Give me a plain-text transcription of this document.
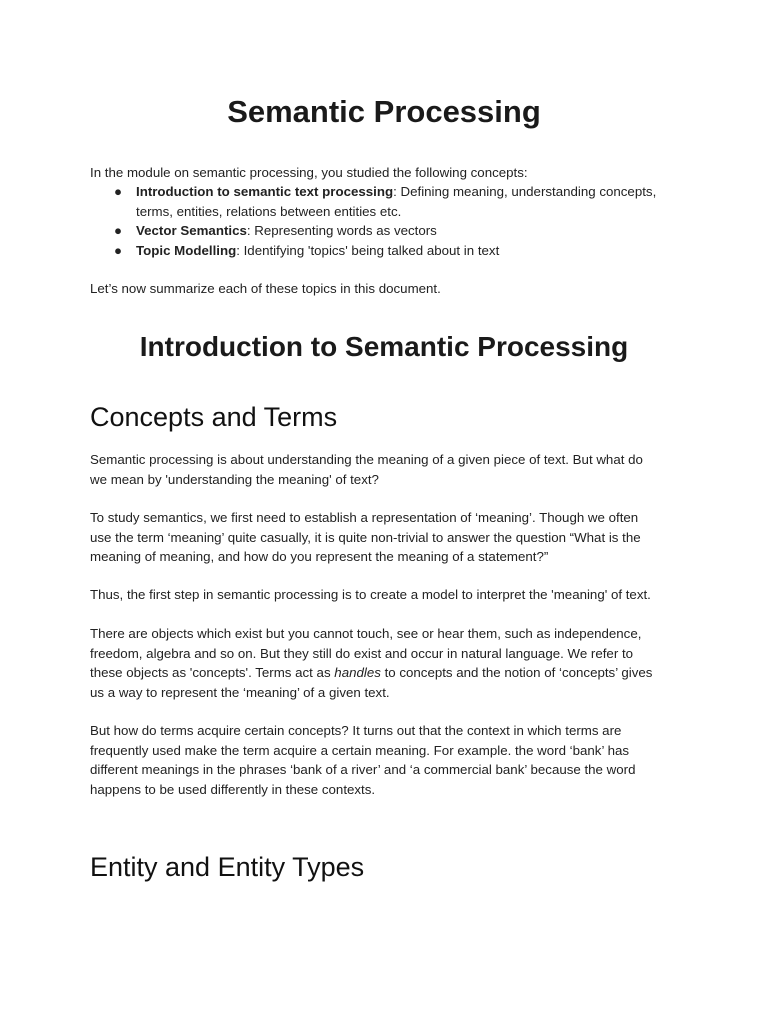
Semantic Processing

In the module on semantic processing, you studied the following concepts:

● Introduction to semantic text processing: Defining meaning, understanding concepts,
terms, entities, relations between entities etc.
● Vector Semantics: Representing words as vectors
● Topic Modelling: Identifying 'topics' being talked about in text

Let’s now summarize each of these topics in this document.

Introduction to Semantic Processing
Concepts and Terms

Semantic processing is about understanding the meaning of a given piece of text. But what do
we mean by 'understanding the meaning' of text?

To study semantics, we first need to establish a representation of ‘meaning’. Though we often
use the term ‘meaning’ quite casually, it is quite non-trivial to answer the question “What is the
meaning of meaning, and how do you represent the meaning of a statement?”

Thus, the first step in semantic processing is to create a model to interpret the 'meaning' of text.

There are objects which exist but you cannot touch, see or hear them, such as independence,
freedom, algebra and so on. But they still do exist and occur in natural language. We refer to
these objects as 'concepts'. Terms act as handles to concepts and the notion of ‘concepts’ gives
us a way to represent the ‘meaning’ of a given text.

But how do terms acquire certain concepts? It turns out that the context in which terms are
frequently used make the term acquire a certain meaning. For example. the word ‘bank’ has
different meanings in the phrases ‘bank of a river’ and ‘a commercial bank’ because the word
happens to be used differently in these contexts.

Entity and Entity Types
